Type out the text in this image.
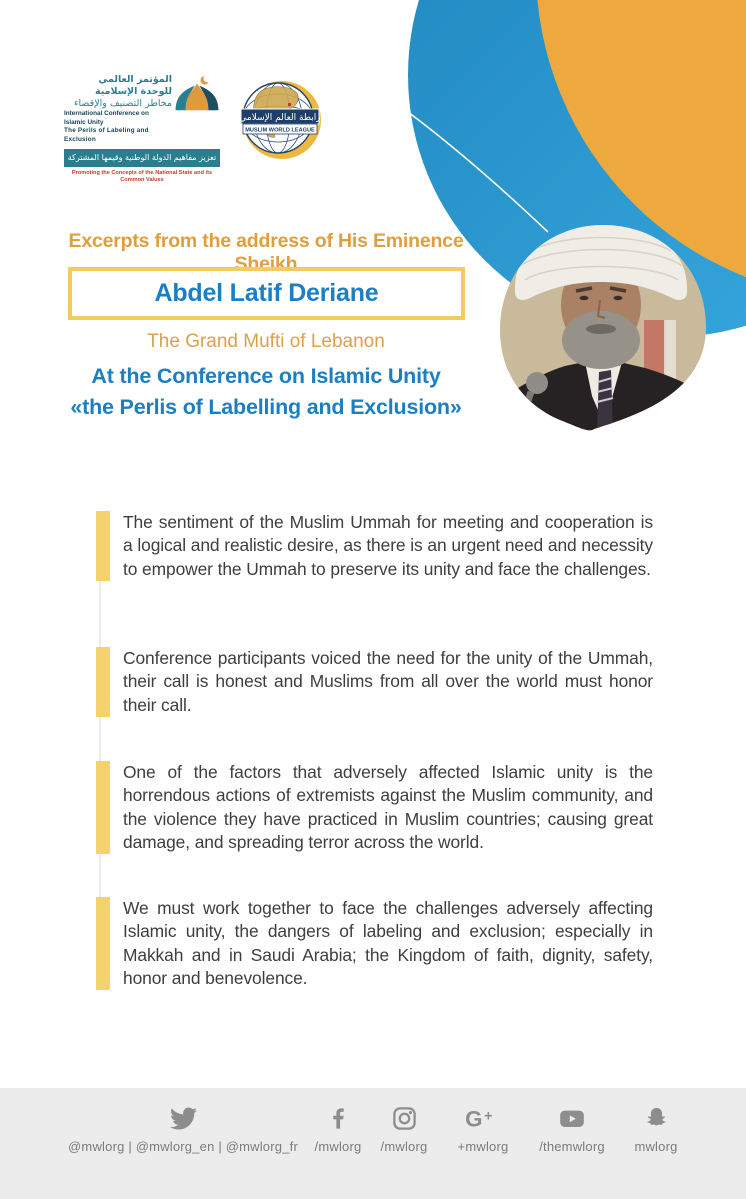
المؤتمر العالمي للوحدة الإسلامية
مخاطر التصنيف والإقصاء
International Conference on Islamic Unity
The Perils of Labeling and Exclusion
تعزيز مفاهيم الدولة الوطنية وقيمها المشتركة
Promoting the Concepts of the National State and its Common Values
رابطة العالم الإسلامي
MUSLIM WORLD LEAGUE
Excerpts from the address of His Eminence Sheikh
Abdel Latif Deriane
The Grand Mufti of Lebanon
At the Conference on Islamic Unity
«the Perlis of Labelling and Exclusion»
The sentiment of the Muslim Ummah for meeting and cooperation is a logical and realistic desire, as there is an urgent need and necessity to empower the Ummah to preserve its unity and face the challenges.
Conference participants voiced the need for the unity of the Ummah, their call is honest and Muslims from all over the world must honor their call.
One of the factors that adversely affected Islamic unity is the horrendous actions of extremists against the Muslim community, and the violence they have practiced in Muslim countries; causing great damage, and spreading terror across the world.
We must work together to face the challenges adversely affecting Islamic unity, the dangers of labeling and exclusion; especially in Makkah and in Saudi Arabia; the Kingdom of faith, dignity, safety, honor and benevolence.
@mwlorg | @mwlorg_en | @mwlorg_fr /mwlorg /mwlorg
G +
+mwlorg /themwlorg mwlorg
